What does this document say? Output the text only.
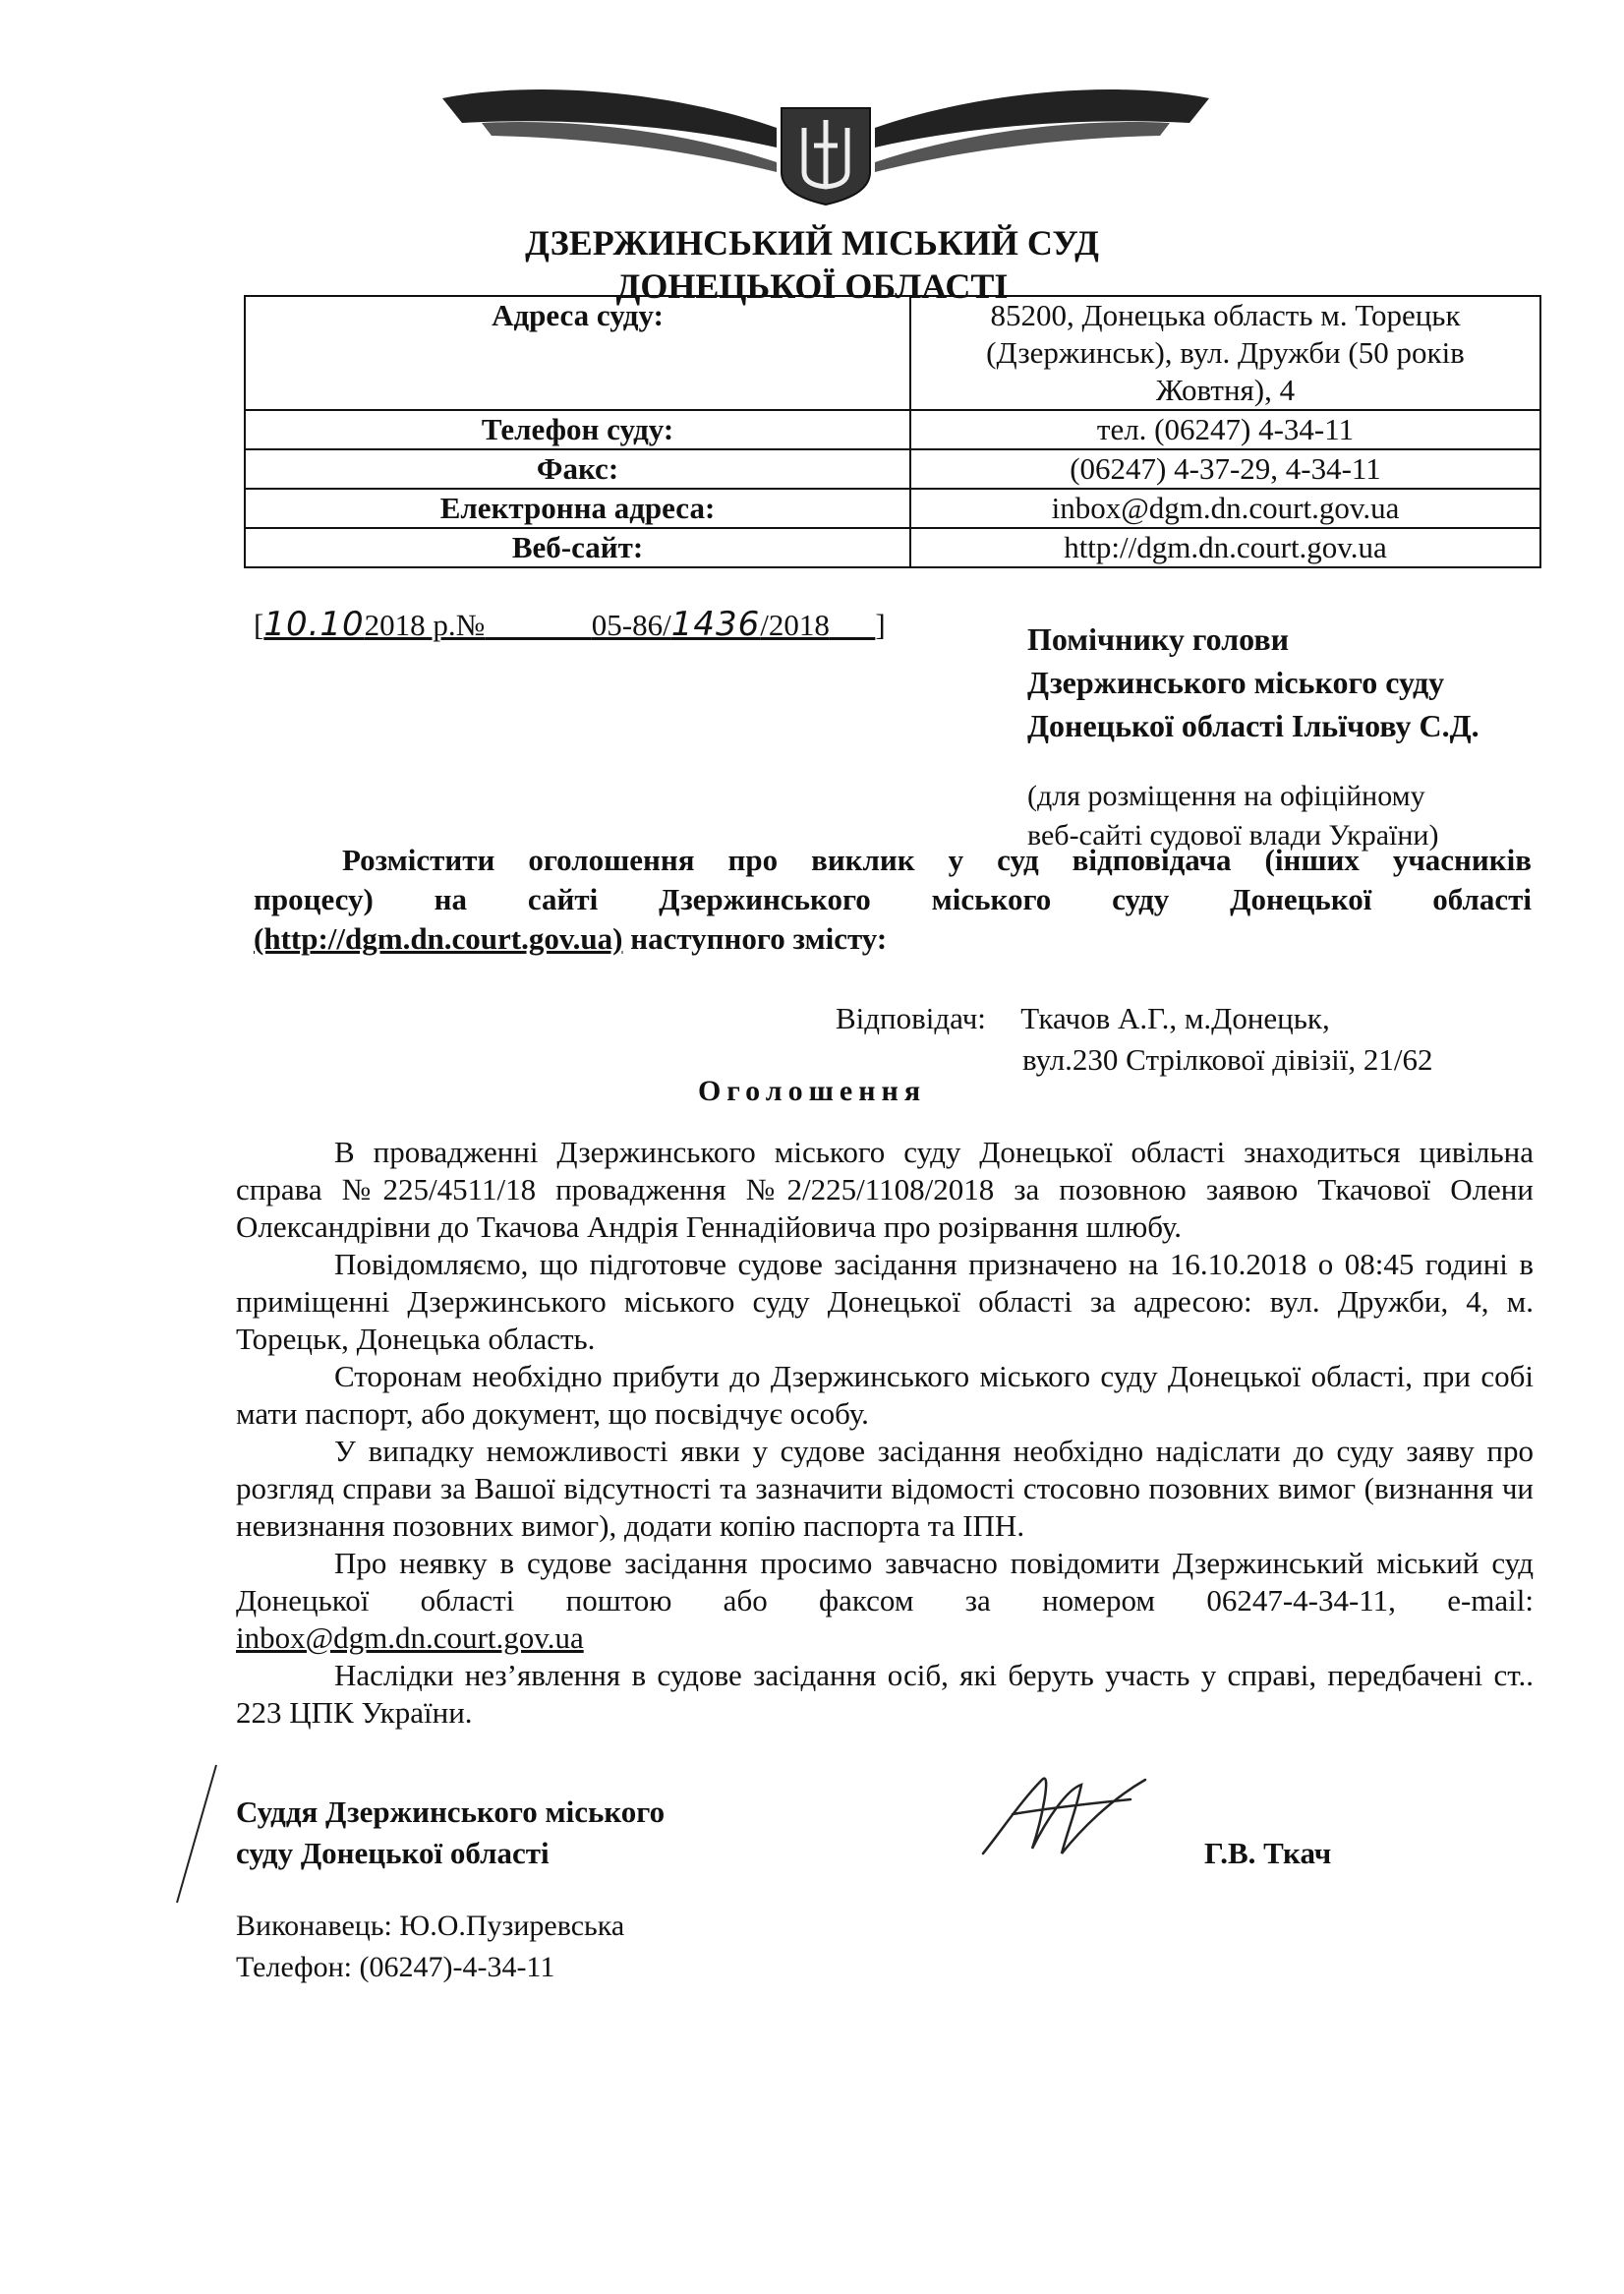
ДЗЕРЖИНСЬКИЙ МІСЬКИЙ СУД
ДОНЕЦЬКОЇ ОБЛАСТІ
Адреса суду:	85200, Донецька область м. Торецьк
(Дзержинськ), вул. Дружби (50 років
Жовтня), 4

Телефон суду:	тел. (06247) 4-34-11
Факс:	(06247) 4-37-29, 4-34-11
Електронна адреса:	inbox@dgm.dn.court.gov.ua
Веб-сайт:	http://dgm.dn.court.gov.ua
[10.102018 р.№	05-86/1436/2018 ]	Помічнику голови
Дзержинського міського суду
Донецької області Ільїчову С.Д.
(для розміщення на офіційному
веб-сайті судової влади України)
Розмістити оголошення про виклик у суд відповідача (інших учасників
процесу) на сайті Дзержинського міського суду Донецької області
(http://dgm.dn.court.gov.ua) наступного змісту:
Відповідач: Ткачов А.Г., м.Донецьк,
вул.230 Стрілкової дівізії, 21/62
Оголошення
В провадженні Дзержинського міського суду Донецької області знаходиться цивільна справа №225/4511/18 провадження №2/225/1108/2018 за позовною заявою Ткачової Олени Олександрівни до Ткачова Андрія Геннадійовича про розірвання шлюбу.
Повідомляємо, що підготовче судове засідання призначено на 16.10.2018 о 08:45 годині в приміщенні Дзержинського міського суду Донецької області за адресою: вул. Дружби, 4, м. Торецьк, Донецька область.
Сторонам необхідно прибути до Дзержинського міського суду Донецької області, при собі мати паспорт, або документ, що посвідчує особу.
У випадку неможливості явки у судове засідання необхідно надіслати до суду заяву про розгляд справи за Вашої відсутності та зазначити відомості стосовно позовних вимог (визнання чи невизнання позовних вимог), додати копію паспорта та ІПН.
Про неявку в судове засідання просимо завчасно повідомити Дзержинський міський суд Донецької області поштою або факсом за номером 06247-4-34-11, e-mail: inbox@dgm.dn.court.gov.ua
Наслідки нез’явлення в судове засідання осіб, які беруть участь у справі, передбачені ст.. 223 ЦПК України.
Суддя Дзержинського міського
суду Донецької області	Г.В. Ткач
Виконавець: Ю.О.Пузиревська
Телефон: (06247)-4-34-11
